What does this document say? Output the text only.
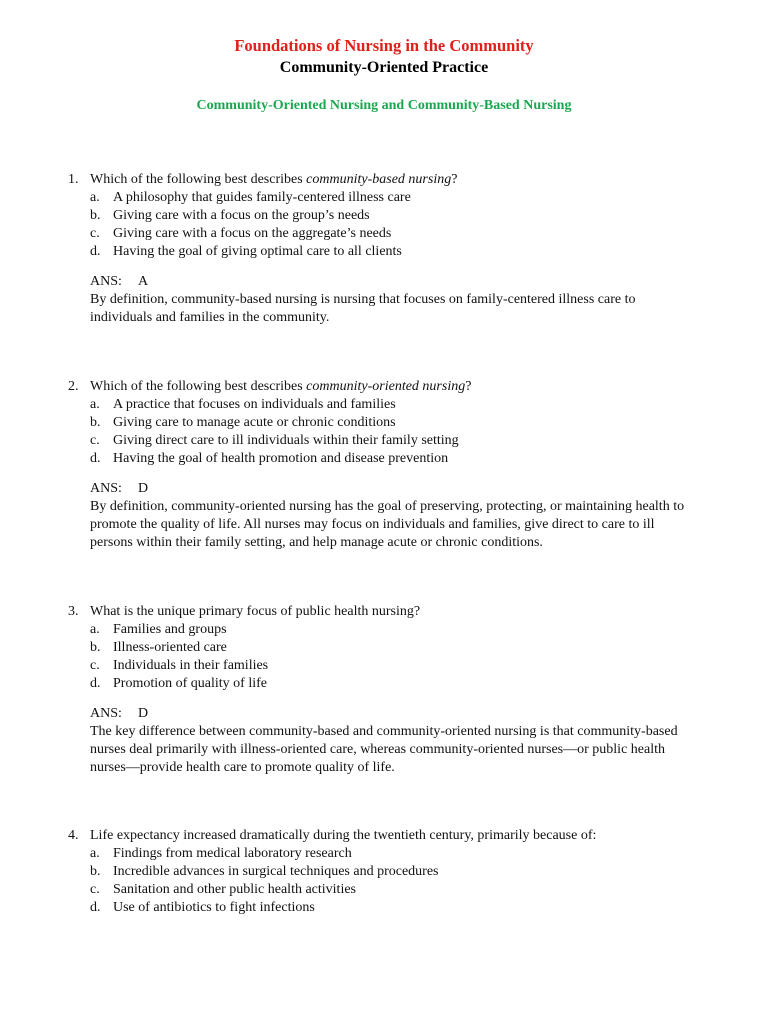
Foundations of Nursing in the Community
Community-Oriented Practice
Community-Oriented Nursing and Community-Based Nursing
1. Which of the following best describes community-based nursing?
a. A philosophy that guides family-centered illness care
b. Giving care with a focus on the group’s needs
c. Giving care with a focus on the aggregate’s needs
d. Having the goal of giving optimal care to all clients
ANS: A
By definition, community-based nursing is nursing that focuses on family-centered illness care to individuals and families in the community.
2. Which of the following best describes community-oriented nursing?
a. A practice that focuses on individuals and families
b. Giving care to manage acute or chronic conditions
c. Giving direct care to ill individuals within their family setting
d. Having the goal of health promotion and disease prevention
ANS: D
By definition, community-oriented nursing has the goal of preserving, protecting, or maintaining health to promote the quality of life. All nurses may focus on individuals and families, give direct to care to ill persons within their family setting, and help manage acute or chronic conditions.
3. What is the unique primary focus of public health nursing?
a. Families and groups
b. Illness-oriented care
c. Individuals in their families
d. Promotion of quality of life
ANS: D
The key difference between community-based and community-oriented nursing is that community-based nurses deal primarily with illness-oriented care, whereas community-oriented nurses—or public health nurses—provide health care to promote quality of life.
4. Life expectancy increased dramatically during the twentieth century, primarily because of:
a. Findings from medical laboratory research
b. Incredible advances in surgical techniques and procedures
c. Sanitation and other public health activities
d. Use of antibiotics to fight infections
